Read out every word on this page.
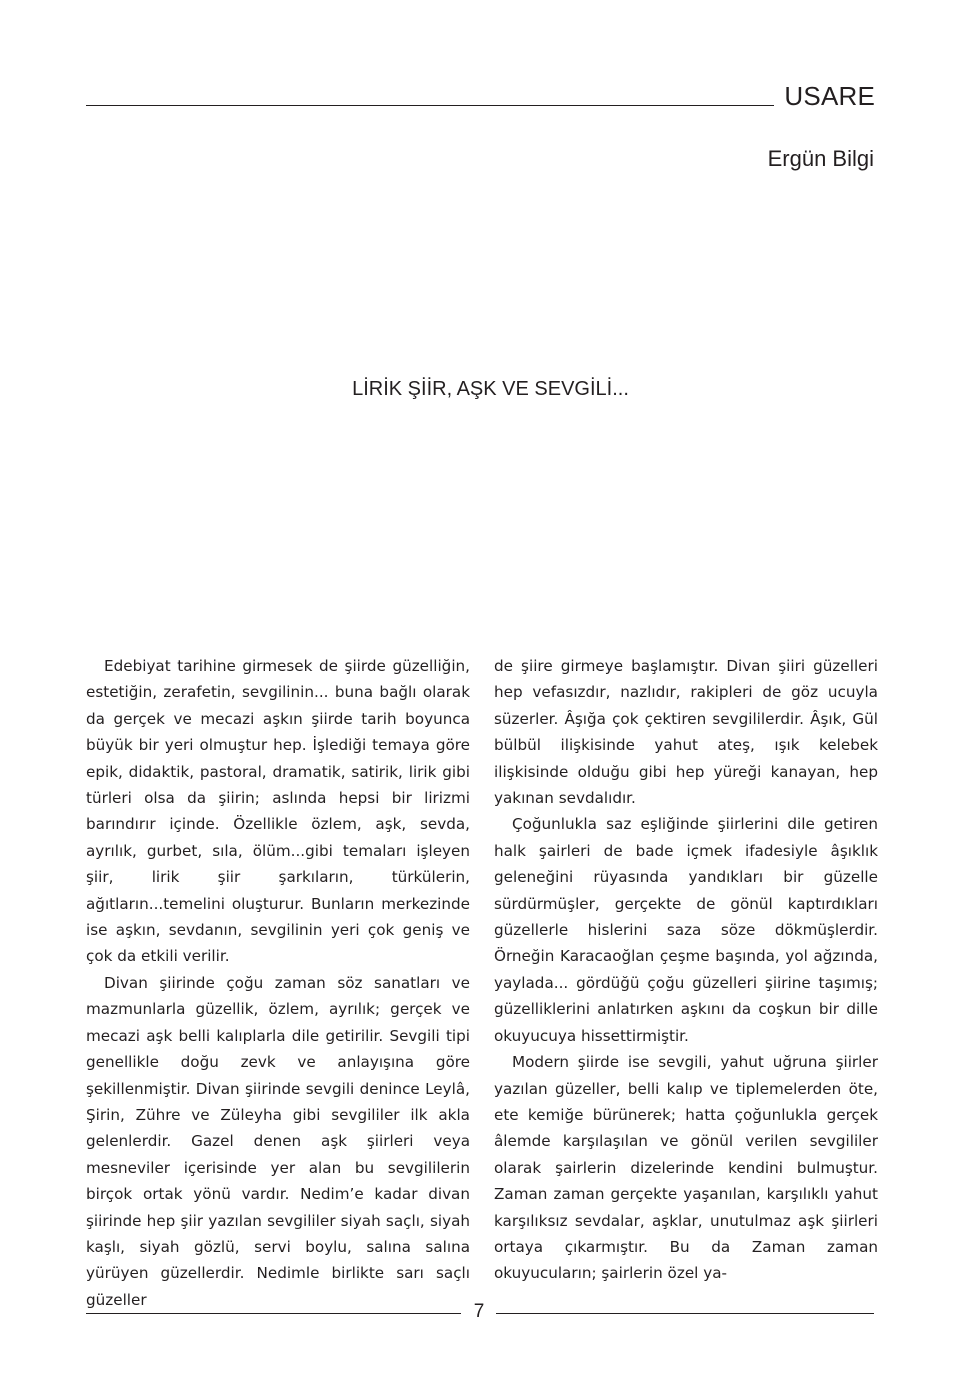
USARE
Ergün Bilgi
LİRİK ŞİİR, AŞK VE SEVGİLİ...

Edebiyat tarihine girmesek de şiirde güzelliğin, estetiğin, zerafetin, sevgilinin... buna bağlı olarak da gerçek ve mecazi aşkın şiirde tarih boyunca büyük bir yeri olmuştur hep. İşlediği temaya göre epik, didaktik, pastoral, dramatik, satirik, lirik gibi türleri olsa da şiirin; aslında hepsi bir lirizmi barındırır içinde. Özellikle özlem, aşk, sevda, ayrılık, gurbet, sıla, ölüm...gibi temaları işleyen şiir, lirik şiir şarkıların, türkülerin, ağıtların...temelini oluşturur. Bunların merkezinde ise aşkın, sevdanın, sevgilinin yeri çok geniş ve çok da etkili verilir.

Divan şiirinde çoğu zaman söz sanatları ve mazmunlarla güzellik, özlem, ayrılık; gerçek ve mecazi aşk belli kalıplarla dile getirilir. Sevgili tipi genellikle doğu zevk ve anlayışına göre şekillenmiştir. Divan şiirinde sevgili denince Leylâ, Şirin, Zühre ve Züleyha gibi sevgililer ilk akla gelenlerdir. Gazel denen aşk şiirleri veya mesneviler içerisinde yer alan bu sevgililerin birçok ortak yönü vardır. Nedim’e kadar divan şiirinde hep şiir yazılan sevgililer siyah saçlı, siyah kaşlı, siyah gözlü, servi boylu, salına salına yürüyen güzellerdir. Nedimle birlikte sarı saçlı güzeller

de şiire girmeye başlamıştır. Divan şiiri güzelleri hep vefasızdır, nazlıdır, rakipleri de göz ucuyla süzerler. Âşığa çok çektiren sevgililerdir. Âşık, Gül bülbül ilişkisinde yahut ateş, ışık kelebek ilişkisinde olduğu gibi hep yüreği kanayan, hep yakınan sevdalıdır.

Çoğunlukla saz eşliğinde şiirlerini dile getiren halk şairleri de bade içmek ifadesiyle âşıklık geleneğini rüyasında yandıkları bir güzelle sürdürmüşler, gerçekte de gönül kaptırdıkları güzellerle hislerini saza söze dökmüşlerdir. Örneğin Karacaoğlan çeşme başında, yol ağzında, yaylada... gördüğü çoğu güzelleri şiirine taşımış; güzelliklerini anlatırken aşkını da coşkun bir dille okuyucuya hissettirmiştir.

Modern şiirde ise sevgili, yahut uğruna şiirler yazılan güzeller, belli kalıp ve tiplemelerden öte, ete kemiğe bürünerek; hatta çoğunlukla gerçek âlemde karşılaşılan ve gönül verilen sevgililer olarak şairlerin dizelerinde kendini bulmuştur. Zaman zaman gerçekte yaşanılan, karşılıklı yahut karşılıksız sevdalar, aşklar, unutulmaz aşk şiirleri ortaya çıkarmıştır. Bu da Zaman zaman okuyucuların; şairlerin özel ya-

7
